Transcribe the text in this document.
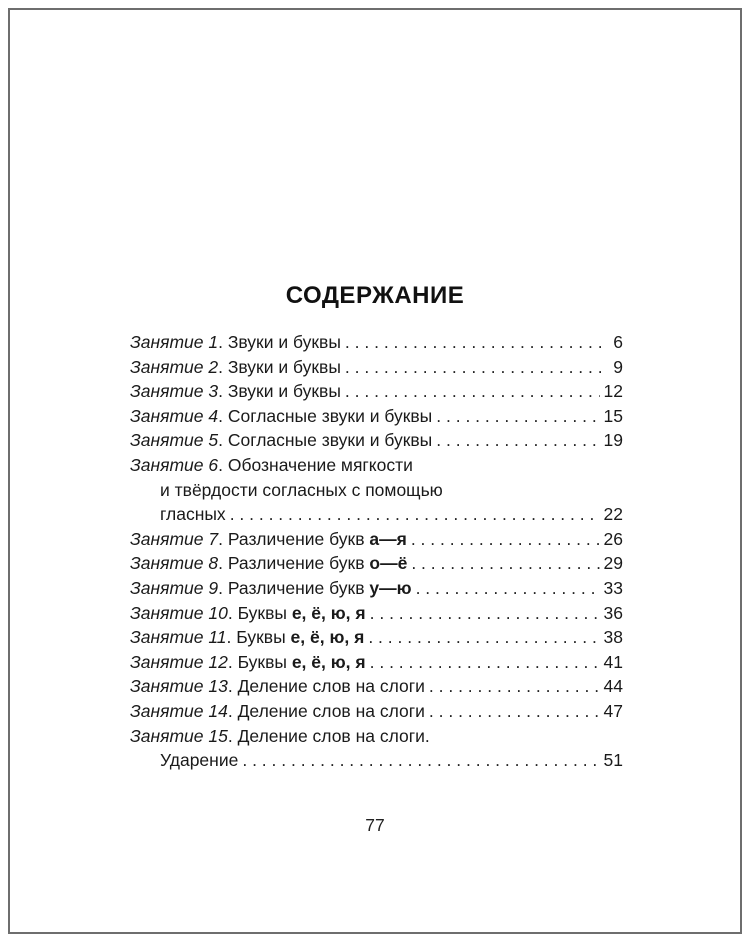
СОДЕРЖАНИЕ
Занятие 1 . Звуки и буквы . . .	6
Занятие 2 . Звуки и буквы . . .	9
Занятие 3 . Звуки и буквы . . .	12
Занятие 4 . Согласные звуки и буквы . . .	15
Занятие 5 . Согласные звуки и буквы . . .	19
Занятие 6 . Обозначение мягкости
и твёрдости согласных с помощью
гласных . . .	22
Занятие 7 . Различение букв
а—я . . .	26
Занятие 8 . Различение букв
о—ё . . .	29
Занятие 9 . Различение букв
у—ю . . .	33
Занятие 10 . Буквы
е, ё, ю, я . . .	36
Занятие 11 . Буквы
е, ё, ю, я . . .	38
Занятие 12 . Буквы
е, ё, ю, я . . .	41
Занятие 13 . Деление слов на слоги . . .	44
Занятие 14 . Деление слов на слоги . . .	47
Занятие 15 . Деление слов на слоги.
Ударение . . .	51
77
